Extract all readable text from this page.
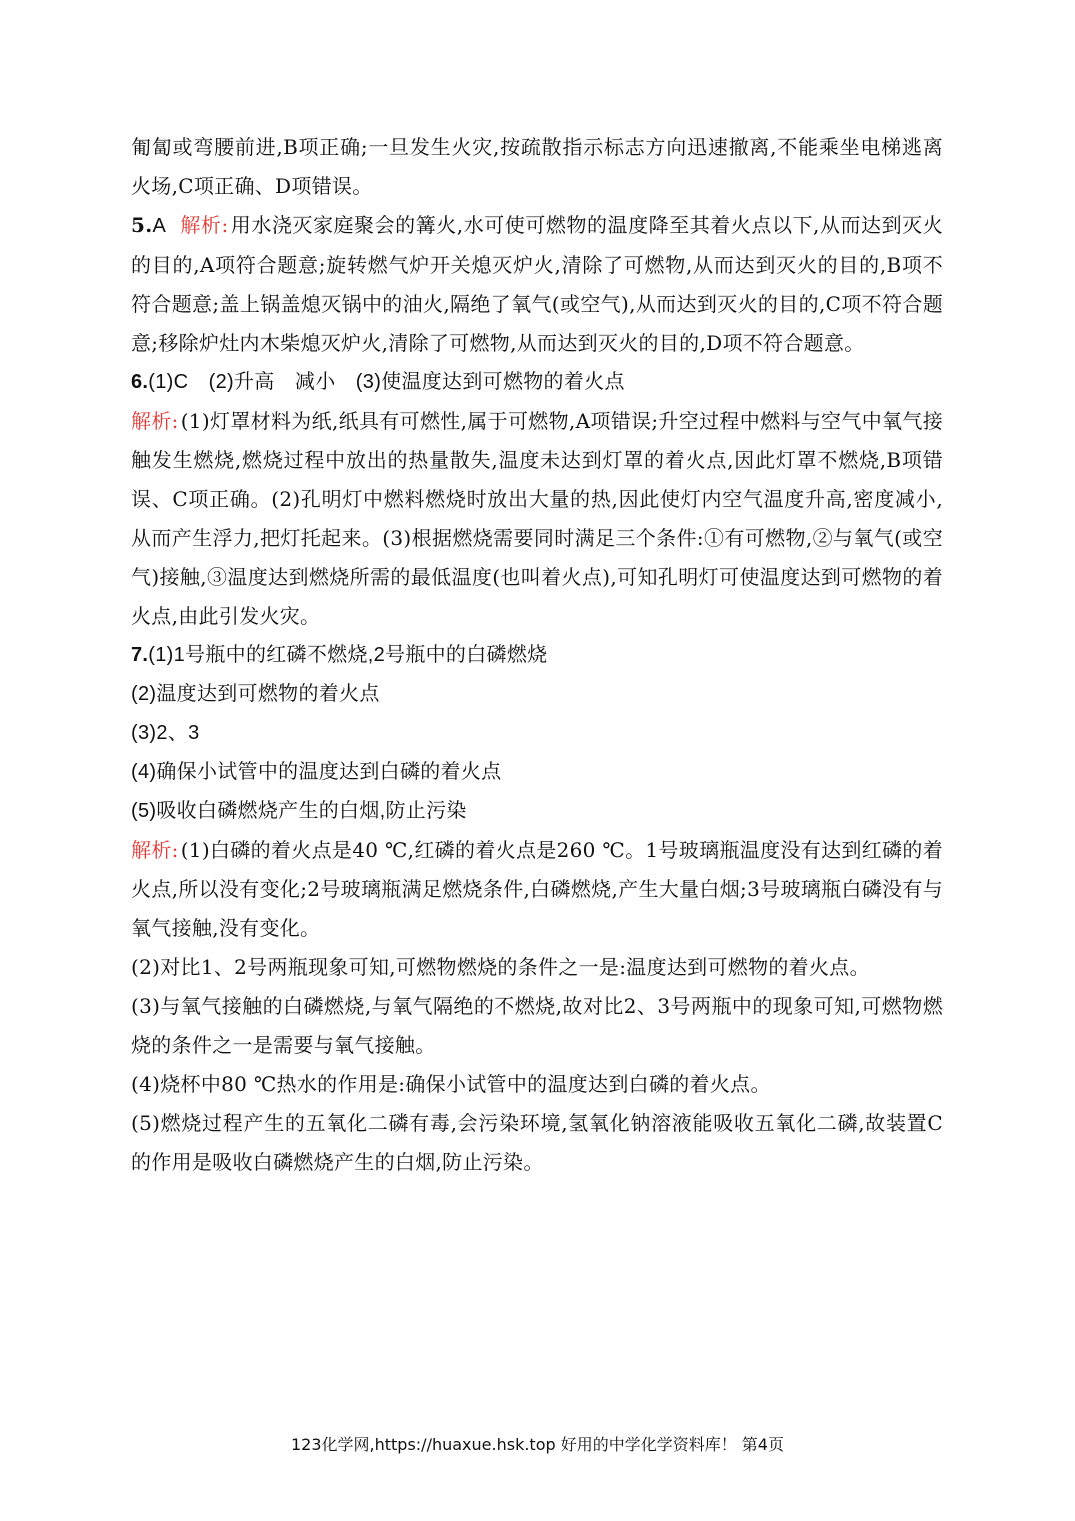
匍匐或弯腰前进,B项正确;一旦发生火灾,按疏散指示标志方向迅速撤离,不能乘坐电梯逃离火场,C项正确、D项错误。

5.A 解析: 用水浇灭家庭聚会的篝火,水可使可燃物的温度降至其着火点以下,从而达到灭火的目的,A项符合题意;旋转燃气炉开关熄灭炉火,清除了可燃物,从而达到灭火的目的,B项不符合题意;盖上锅盖熄灭锅中的油火,隔绝了氧气(或空气),从而达到灭火的目的,C项不符合题意;移除炉灶内木柴熄灭炉火,清除了可燃物,从而达到灭火的目的,D项不符合题意。

6.(1)C　(2)升高　减小　(3)使温度达到可燃物的着火点

解析: (1)灯罩材料为纸,纸具有可燃性,属于可燃物,A项错误;升空过程中燃料与空气中氧气接触发生燃烧,燃烧过程中放出的热量散失,温度未达到灯罩的着火点,因此灯罩不燃烧,B项错误、C项正确。(2)孔明灯中燃料燃烧时放出大量的热,因此使灯内空气温度升高,密度减小,从而产生浮力,把灯托起来。(3)根据燃烧需要同时满足三个条件:①有可燃物,②与氧气(或空气)接触,③温度达到燃烧所需的最低温度(也叫着火点),可知孔明灯可使温度达到可燃物的着火点,由此引发火灾。

7.(1)1号瓶中的红磷不燃烧,2号瓶中的白磷燃烧

(2)温度达到可燃物的着火点

(3)2、3

(4)确保小试管中的温度达到白磷的着火点

(5)吸收白磷燃烧产生的白烟,防止污染

解析: (1)白磷的着火点是40 ℃,红磷的着火点是260 ℃。1号玻璃瓶温度没有达到红磷的着火点,所以没有变化;2号玻璃瓶满足燃烧条件,白磷燃烧,产生大量白烟;3号玻璃瓶白磷没有与氧气接触,没有变化。

(2)对比1、2号两瓶现象可知,可燃物燃烧的条件之一是:温度达到可燃物的着火点。

(3)与氧气接触的白磷燃烧,与氧气隔绝的不燃烧,故对比2、3号两瓶中的现象可知,可燃物燃烧的条件之一是需要与氧气接触。

(4)烧杯中80 ℃热水的作用是:确保小试管中的温度达到白磷的着火点。

(5)燃烧过程产生的五氧化二磷有毒,会污染环境,氢氧化钠溶液能吸收五氧化二磷,故装置C的作用是吸收白磷燃烧产生的白烟,防止污染。

123化学网,https://huaxue.hsk.top 好用的中学化学资料库！ 第4页
